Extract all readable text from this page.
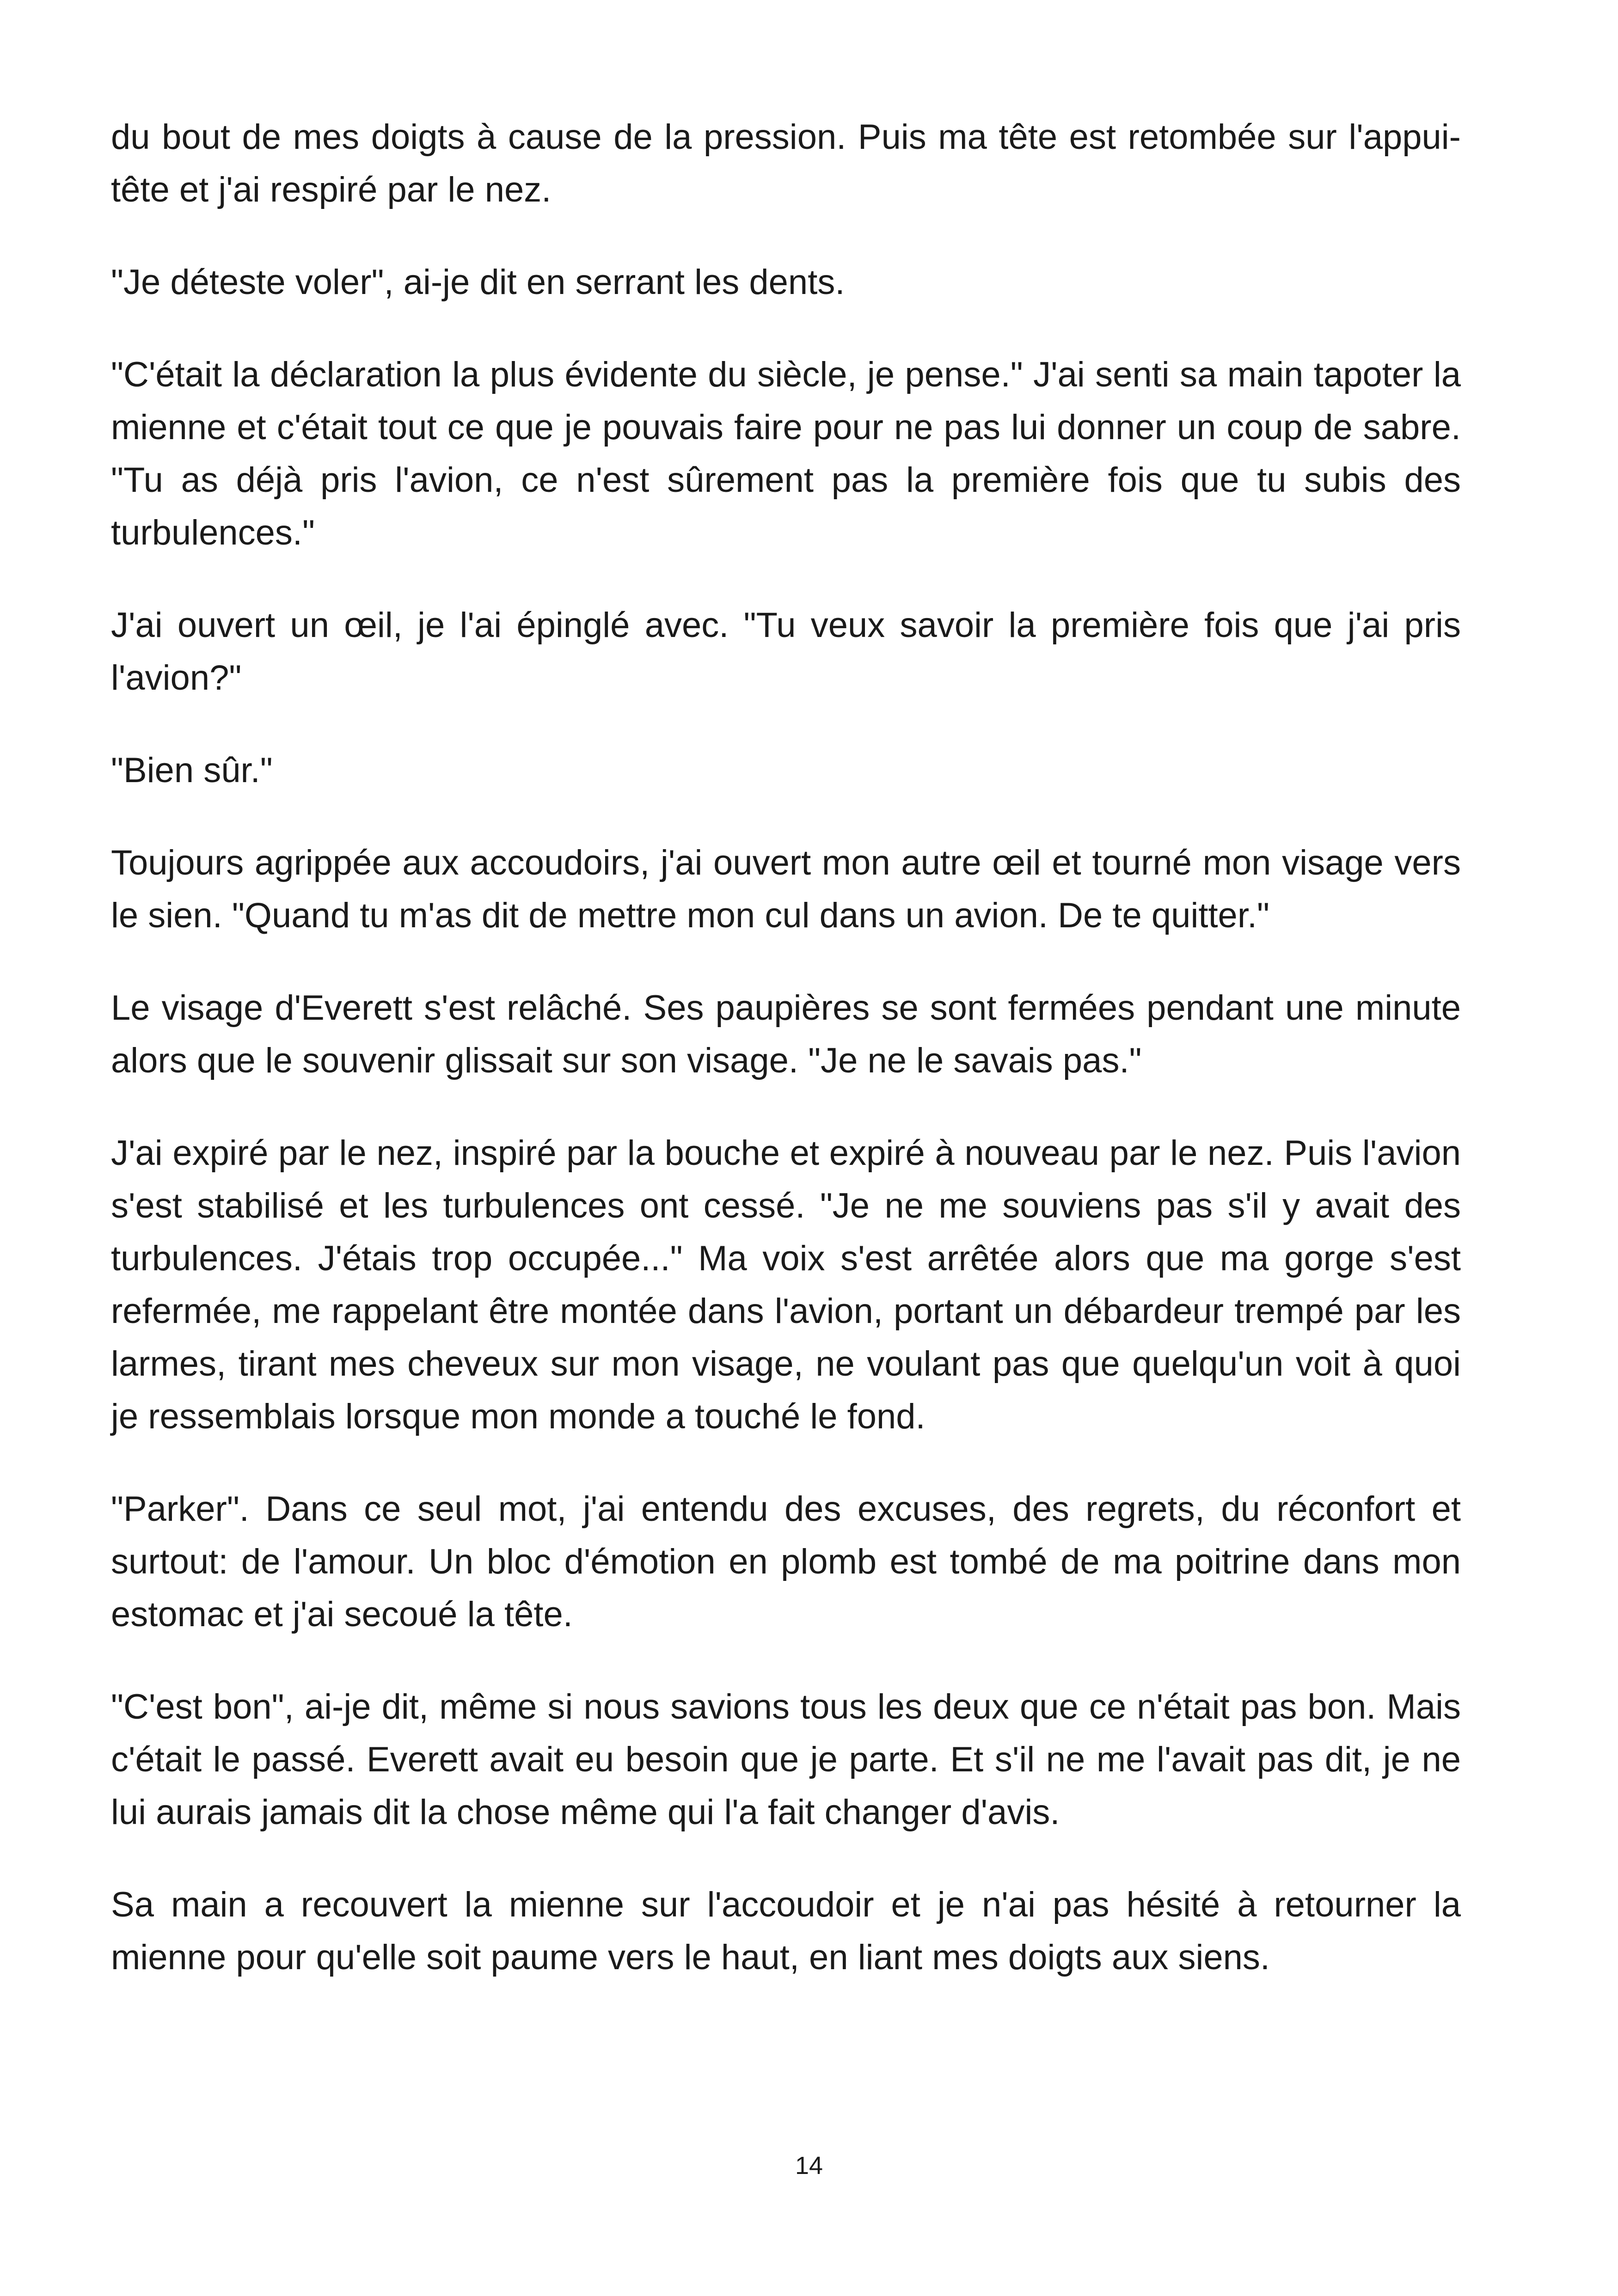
du bout de mes doigts à cause de la pression. Puis ma tête est retombée sur l'appui-tête et j'ai respiré par le nez.

"Je déteste voler", ai-je dit en serrant les dents.

"C'était la déclaration la plus évidente du siècle, je pense." J'ai senti sa main tapoter la mienne et c'était tout ce que je pouvais faire pour ne pas lui donner un coup de sabre. "Tu as déjà pris l'avion, ce n'est sûrement pas la première fois que tu subis des turbulences."

J'ai ouvert un œil, je l'ai épinglé avec. "Tu veux savoir la première fois que j'ai pris l'avion?"

"Bien sûr."

Toujours agrippée aux accoudoirs, j'ai ouvert mon autre œil et tourné mon visage vers le sien. "Quand tu m'as dit de mettre mon cul dans un avion. De te quitter."

Le visage d'Everett s'est relâché. Ses paupières se sont fermées pendant une minute alors que le souvenir glissait sur son visage. "Je ne le savais pas."

J'ai expiré par le nez, inspiré par la bouche et expiré à nouveau par le nez. Puis l'avion s'est stabilisé et les turbulences ont cessé. "Je ne me souviens pas s'il y avait des turbulences. J'étais trop occupée..." Ma voix s'est arrêtée alors que ma gorge s'est refermée, me rappelant être montée dans l'avion, portant un débardeur trempé par les larmes, tirant mes cheveux sur mon visage, ne voulant pas que quelqu'un voit à quoi je ressemblais lorsque mon monde a touché le fond.

"Parker". Dans ce seul mot, j'ai entendu des excuses, des regrets, du réconfort et surtout: de l'amour. Un bloc d'émotion en plomb est tombé de ma poitrine dans mon estomac et j'ai secoué la tête.

"C'est bon", ai-je dit, même si nous savions tous les deux que ce n'était pas bon. Mais c'était le passé. Everett avait eu besoin que je parte. Et s'il ne me l'avait pas dit, je ne lui aurais jamais dit la chose même qui l'a fait changer d'avis.

Sa main a recouvert la mienne sur l'accoudoir et je n'ai pas hésité à retourner la mienne pour qu'elle soit paume vers le haut, en liant mes doigts aux siens.

14
